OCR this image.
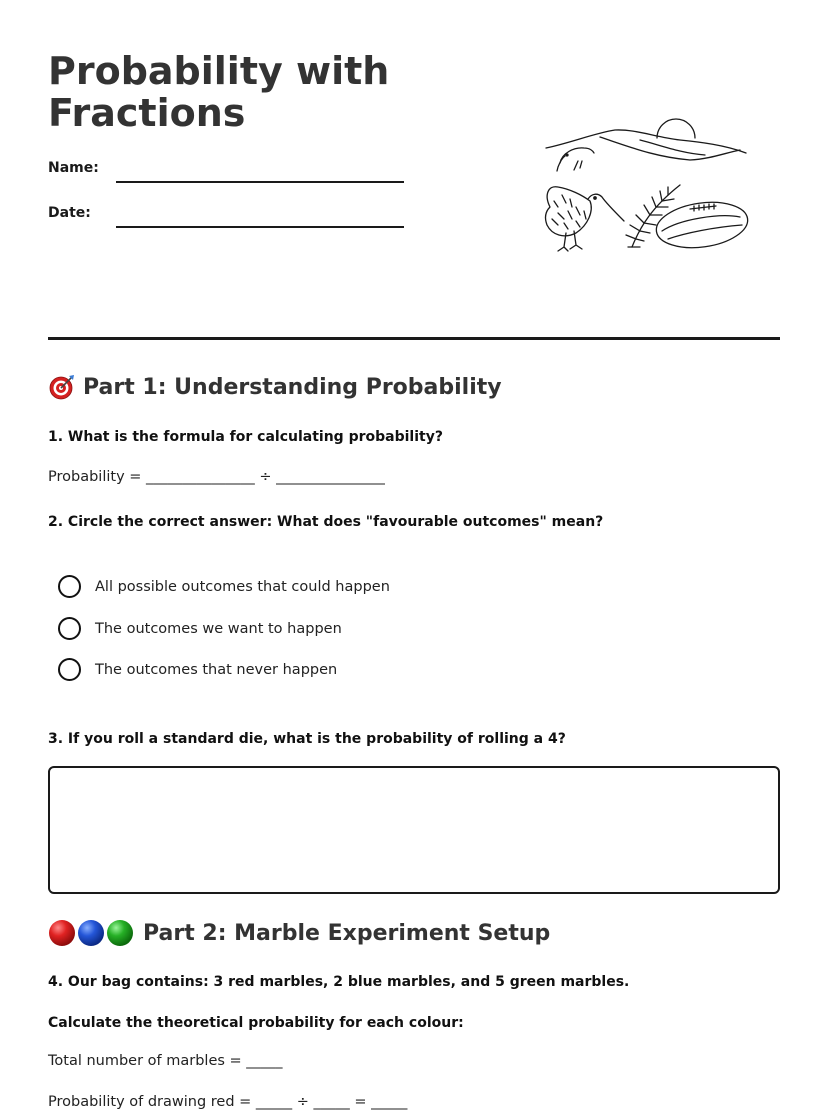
Probability with Fractions
Name:
Date:
Part 1: Understanding Probability
1. What is the formula for calculating probability?
Probability = _______________ ÷ _______________
2. Circle the correct answer: What does "favourable outcomes" mean?
All possible outcomes that could happen
The outcomes we want to happen
The outcomes that never happen
3. If you roll a standard die, what is the probability of rolling a 4?
Part 2: Marble Experiment Setup
4. Our bag contains: 3 red marbles, 2 blue marbles, and 5 green marbles.
Calculate the theoretical probability for each colour:
Total number of marbles = _____
Probability of drawing red = _____ ÷ _____ = _____
